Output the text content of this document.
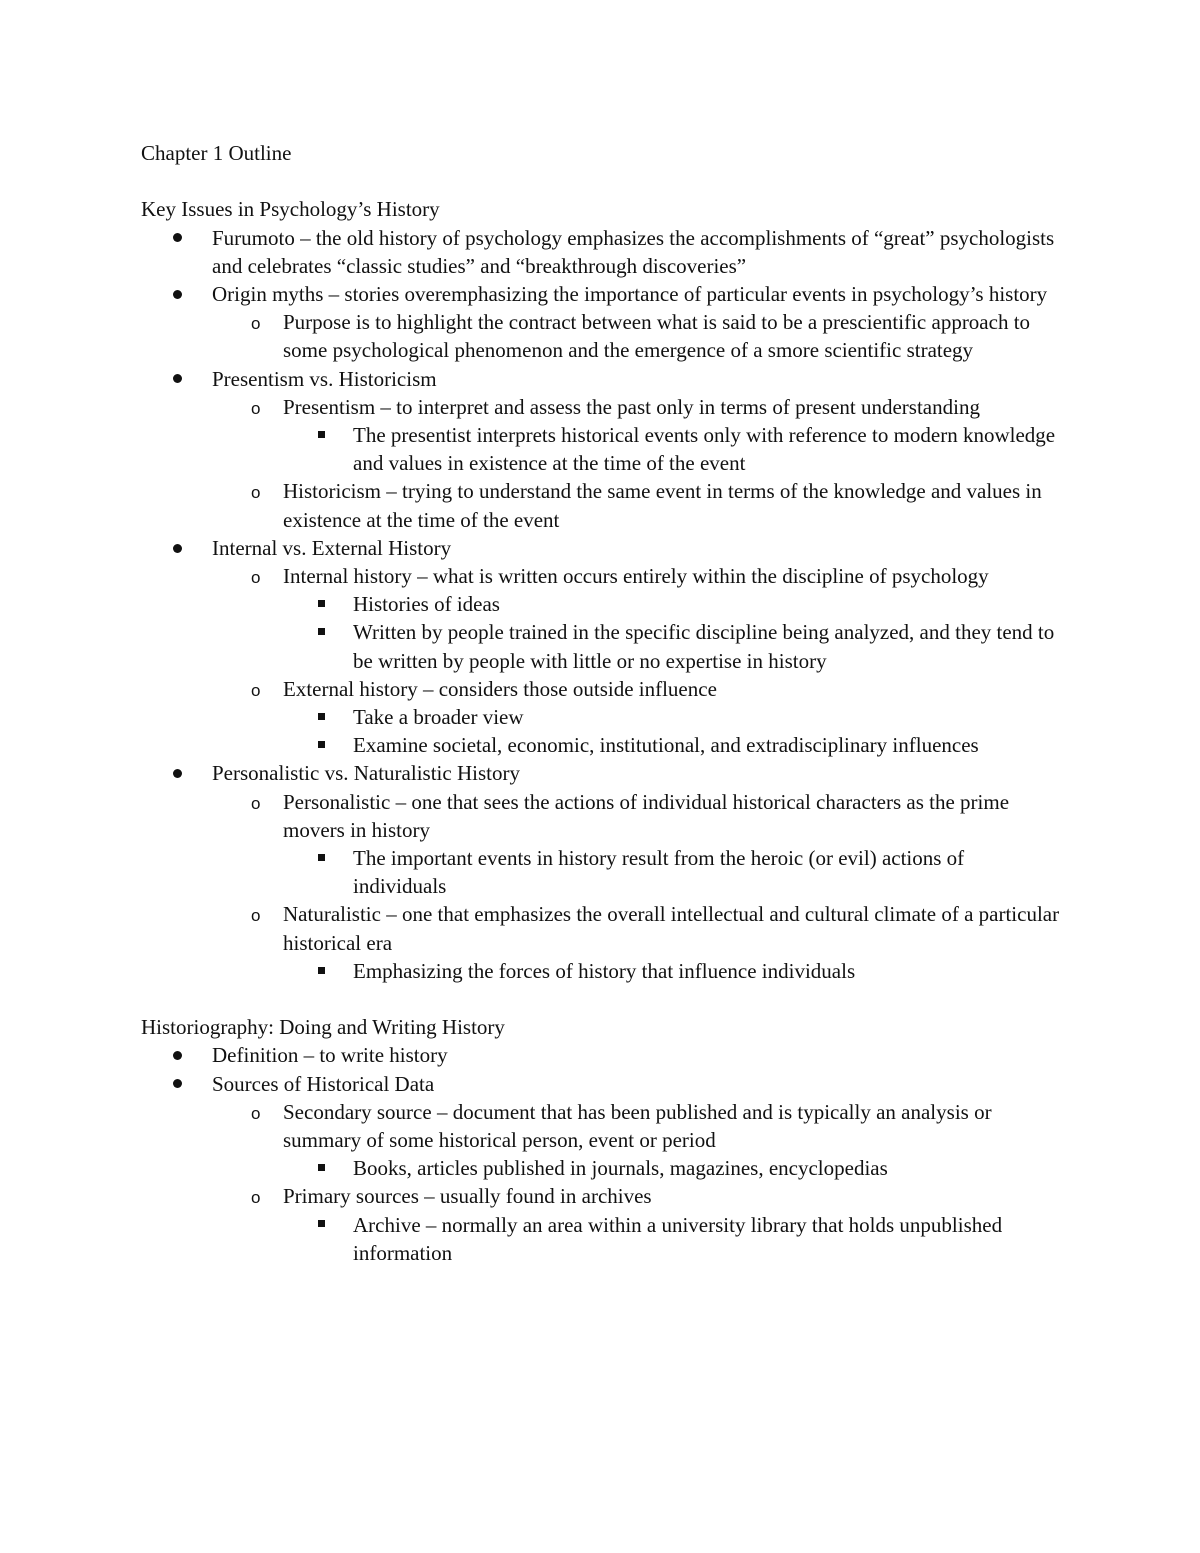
Chapter 1 Outline
Key Issues in Psychology’s History
Furumoto – the old history of psychology emphasizes the accomplishments of “great” psychologists and celebrates “classic studies” and “breakthrough discoveries”
Origin myths – stories overemphasizing the importance of particular events in psychology’s history
o Purpose is to highlight the contract between what is said to be a prescientific approach to some psychological phenomenon and the emergence of a smore scientific strategy
Presentism vs. Historicism
o Presentism – to interpret and assess the past only in terms of present understanding
The presentist interprets historical events only with reference to modern knowledge and values in existence at the time of the event
o Historicism – trying to understand the same event in terms of the knowledge and values in existence at the time of the event
Internal vs. External History
o Internal history – what is written occurs entirely within the discipline of psychology
Histories of ideas
Written by people trained in the specific discipline being analyzed, and they tend to be written by people with little or no expertise in history
o External history – considers those outside influence
Take a broader view
Examine societal, economic, institutional, and extradisciplinary influences
Personalistic vs. Naturalistic History
o Personalistic – one that sees the actions of individual historical characters as the prime movers in history
The important events in history result from the heroic (or evil) actions of individuals
o Naturalistic – one that emphasizes the overall intellectual and cultural climate of a particular historical era
Emphasizing the forces of history that influence individuals
Historiography: Doing and Writing History
Definition – to write history
Sources of Historical Data
o Secondary source – document that has been published and is typically an analysis or summary of some historical person, event or period
Books, articles published in journals, magazines, encyclopedias
o Primary sources – usually found in archives
Archive – normally an area within a university library that holds unpublished information
